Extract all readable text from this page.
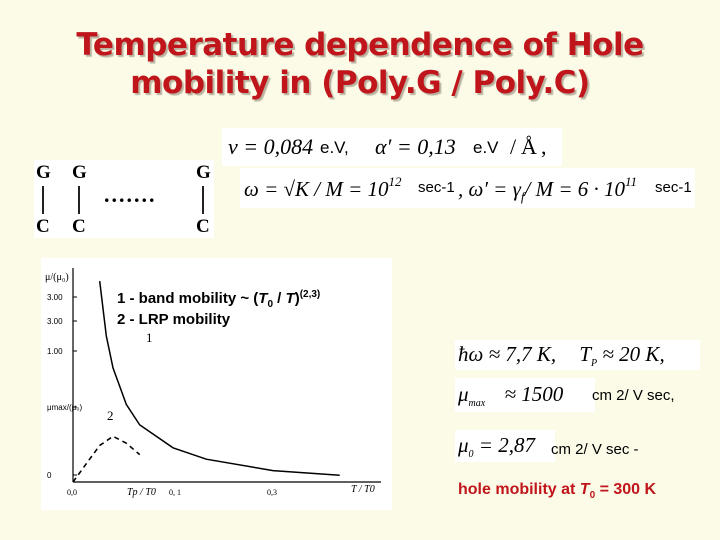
Temperature dependence of Hole
mobility in (Poly.G / Poly.C)
ν = 0,084 e.V, α′ = 0,13 e.V / Å ,
$\omega = √K / M = 10^{12}$ sec-1 , $\omega' = \gamma_f/$ $M = 6 \cdot 10^{11}$ sec-1
G G	G
.......
C C	C
3.00
3.00
1.00
μmax/(μ₀)
0
0,0	Tp / T0 0, 1	0,3	T / T0
1
2
μ/(μ₀)
1 - band mobility ~ $(T_0 / T)^{(2,3)}$
2 - LRP mobility
ħω ≈ 7,7 K, $T_P \approx 20$ K,
$\mu_{max} \approx 1500$ cm 2/ V sec,
$\mu_0 = 2,87$ cm 2/ V sec -
hole mobility at $T_0 = 300$ K
